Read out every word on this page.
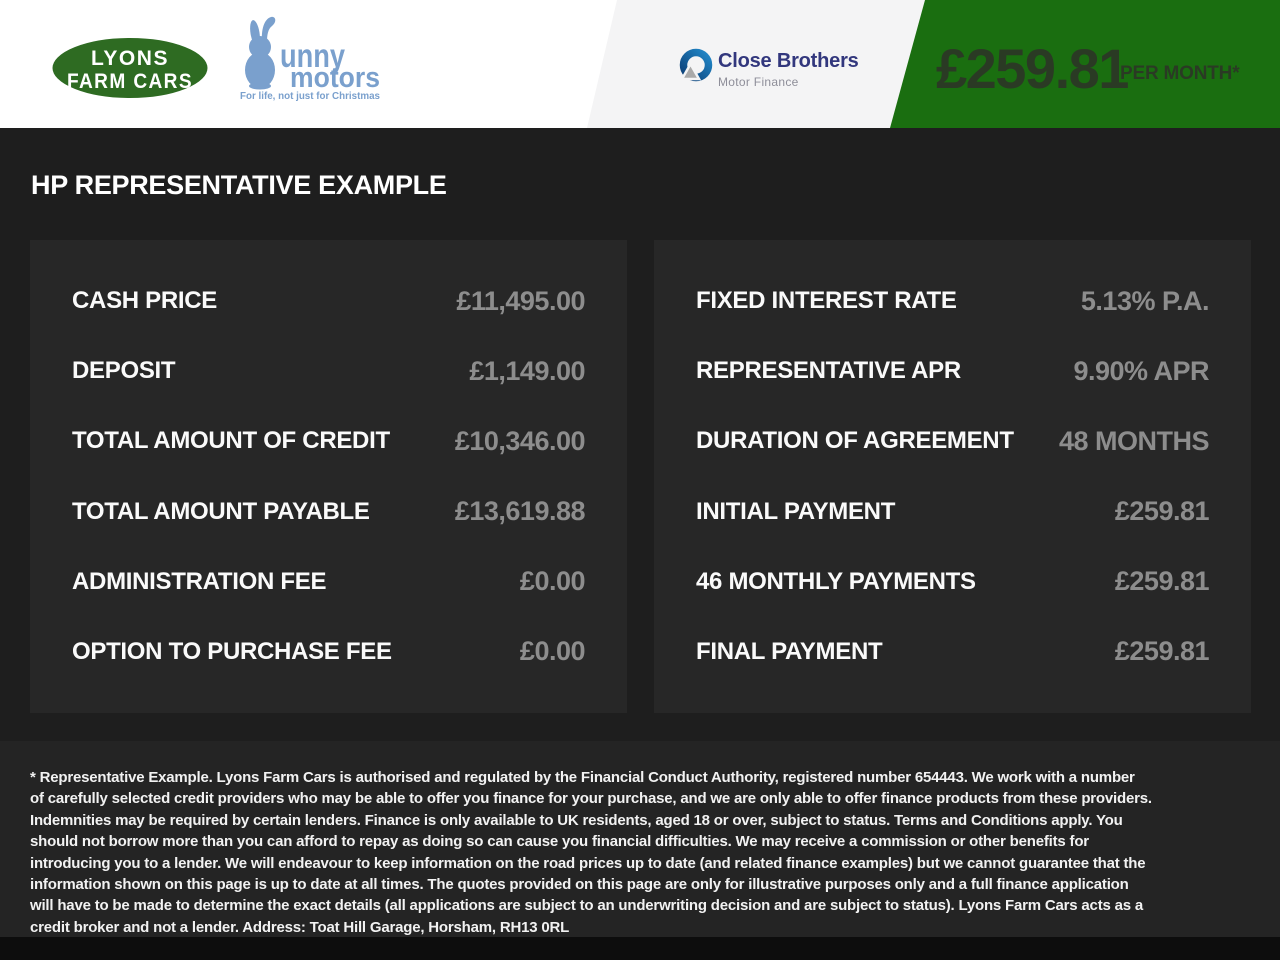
LYONS
FARM CARS
unny
motors
For life, not just for Christmas
Close Brothers
Motor Finance	£259.81
PER MONTH*
HP REPRESENTATIVE EXAMPLE
CASH PRICE	£11,495.00
DEPOSIT	£1,149.00
TOTAL AMOUNT OF CREDIT £10,346.00
TOTAL AMOUNT PAYABLE	£13,619.88
ADMINISTRATION FEE	£0.00
OPTION TO PURCHASE FEE	£0.00
FIXED INTEREST RATE	5.13% P.A.
REPRESENTATIVE APR	9.90% APR
DURATION OF AGREEMENT 48 MONTHS
INITIAL PAYMENT	£259.81
46 MONTHLY PAYMENTS	£259.81
FINAL PAYMENT	£259.81

* Representative Example. Lyons Farm Cars is authorised and regulated by the Financial Conduct Authority, registered number 654443. We work with a number of carefully selected credit providers who may be able to offer you finance for your purchase, and we are only able to offer finance products from these providers. Indemnities may be required by certain lenders. Finance is only available to UK residents, aged 18 or over, subject to status. Terms and Conditions apply. You should not borrow more than you can afford to repay as doing so can cause you financial difficulties. We may receive a commission or other benefits for introducing you to a lender. We will endeavour to keep information on the road prices up to date (and related finance examples) but we cannot guarantee that the information shown on this page is up to date at all times. The quotes provided on this page are only for illustrative purposes only and a full finance application will have to be made to determine the exact details (all applications are subject to an underwriting decision and are subject to status). Lyons Farm Cars acts as a credit broker and not a lender. Address: Toat Hill Garage, Horsham, RH13 0RL
